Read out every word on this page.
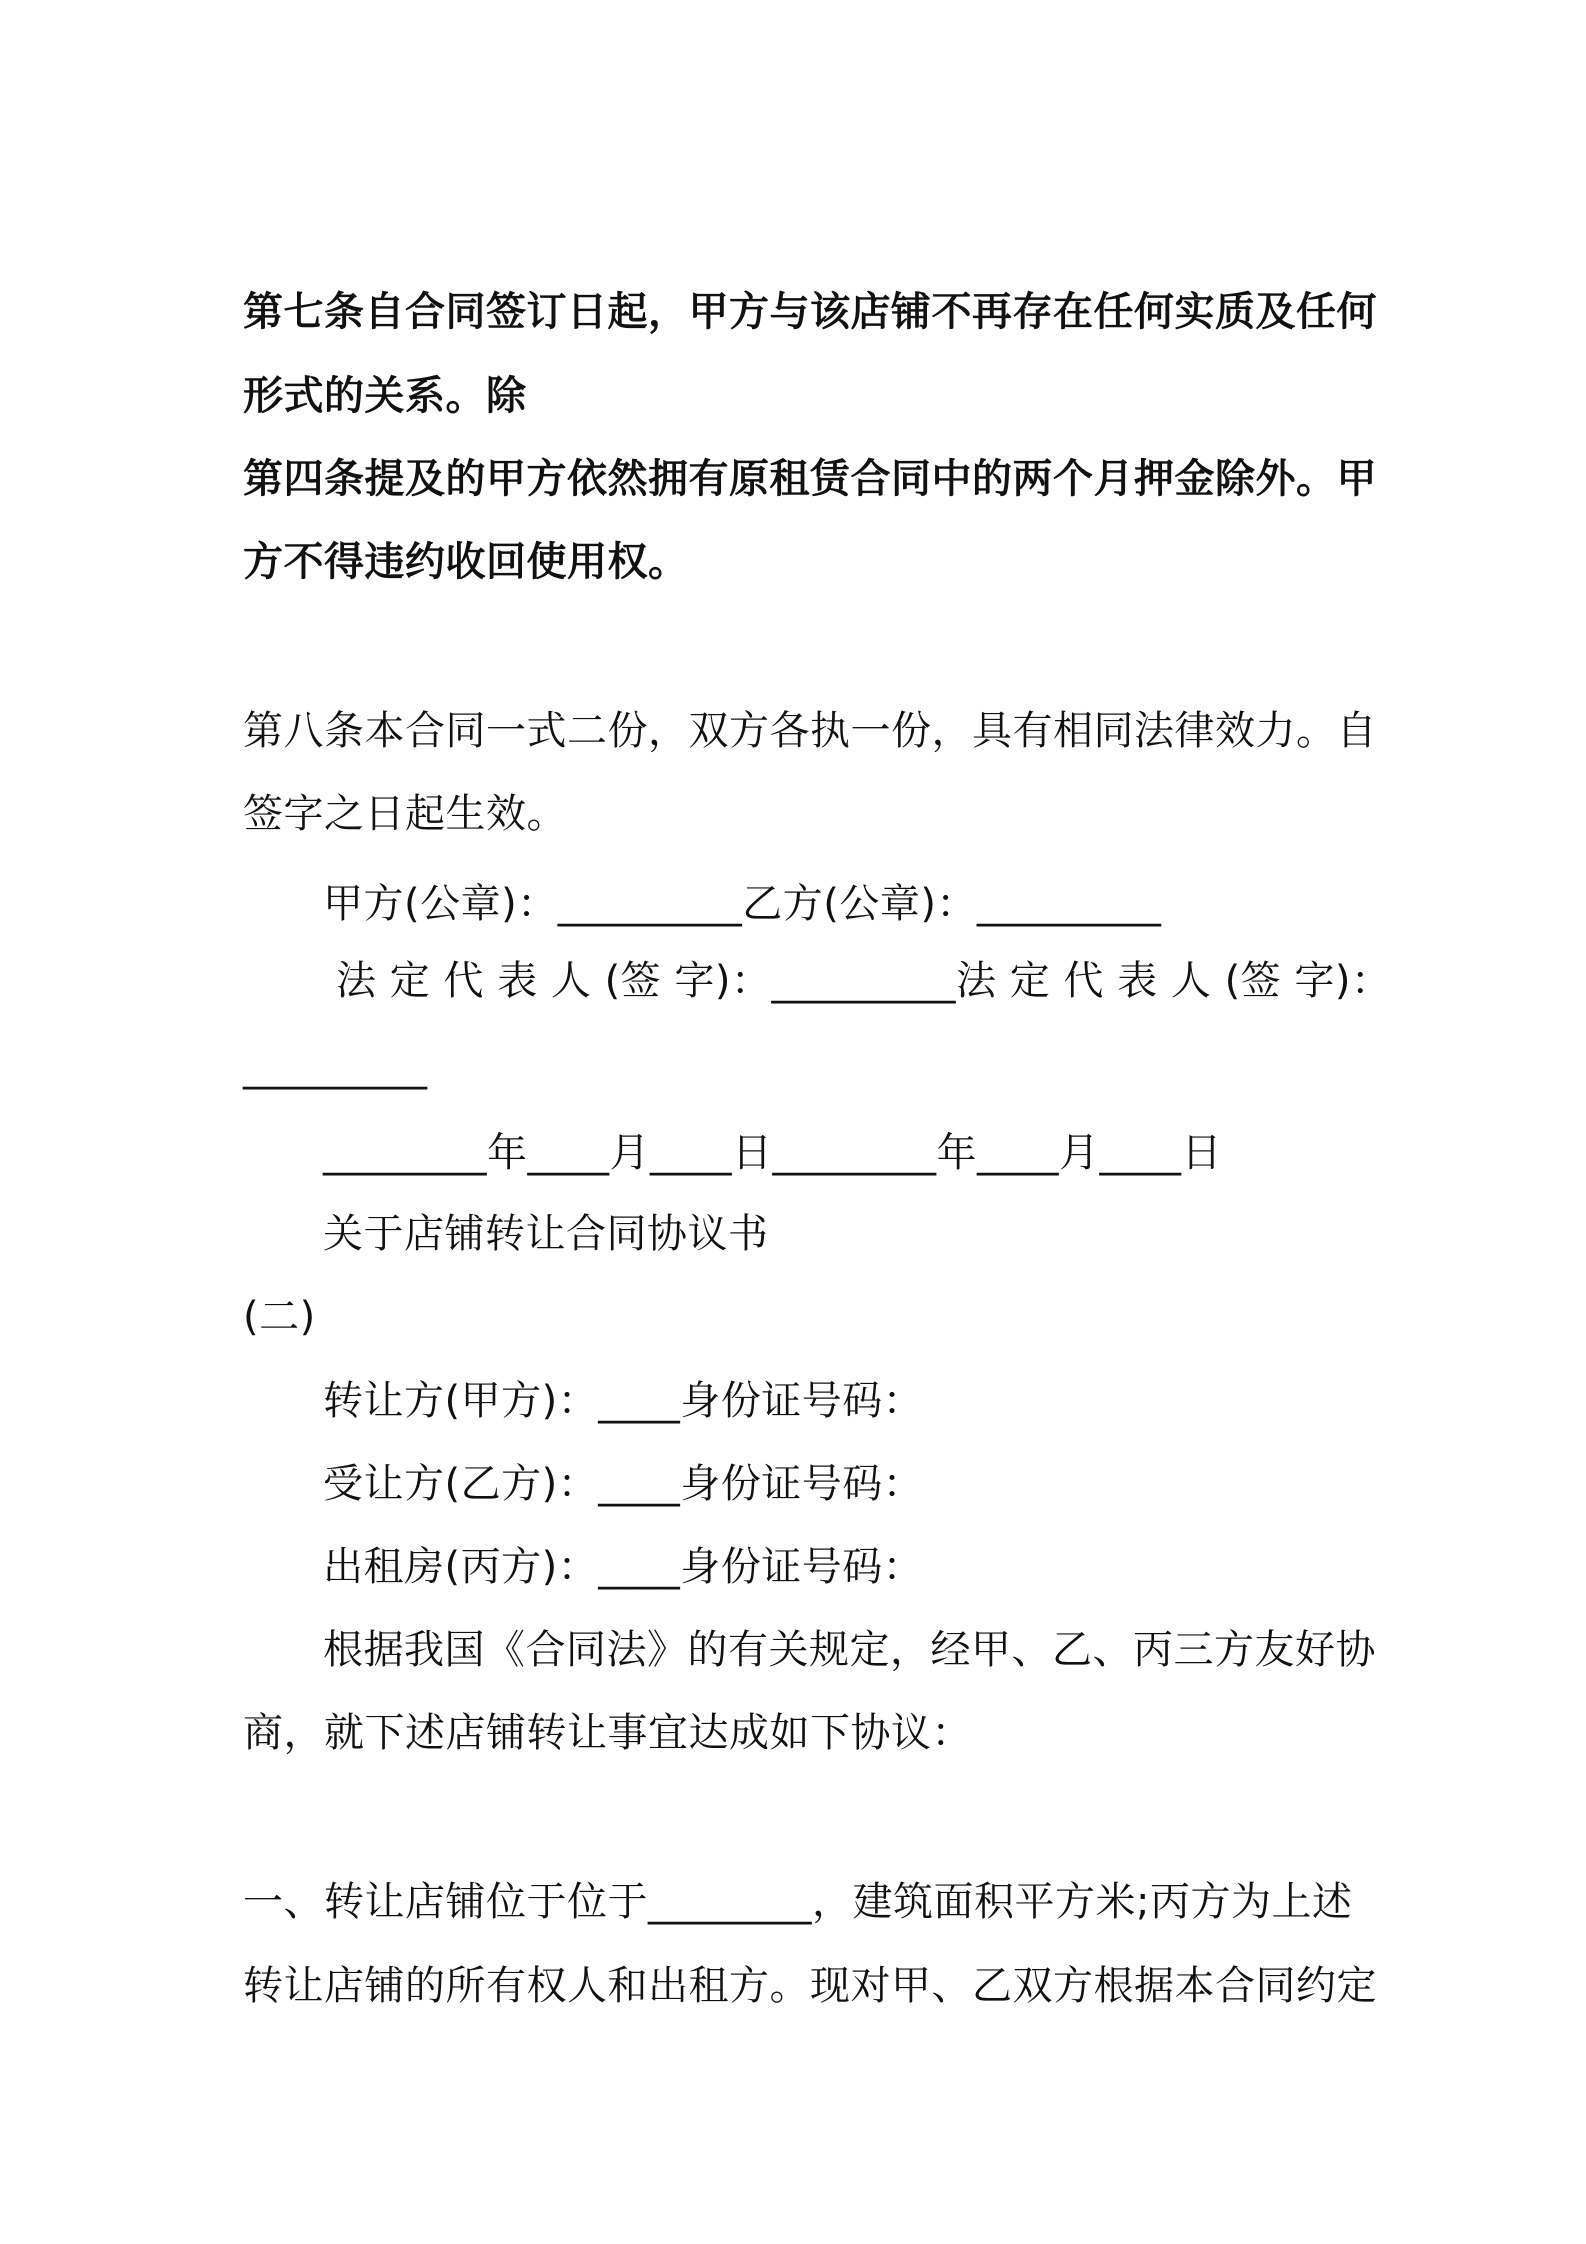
第七条自合同签订日起，甲方与该店铺不再存在任何实质及任何
形式的关系。除
第四条提及的甲方依然拥有原租赁合同中的两个月押金除外。甲
方不得违约收回使用权。
第八条本合同一式二份，双方各执一份，具有相同法律效力。自
签字之日起生效。
甲方(公章)：_________乙方(公章)：_________
法 定 代 表 人 (签 字)：_________法 定 代 表 人 (签 字)：
_________
________年____月____日________年____月____日
关于店铺转让合同协议书
(二)
转让方(甲方)：____身份证号码：
受让方(乙方)：____身份证号码：
出租房(丙方)：____身份证号码：
根据我国《合同法》的有关规定，经甲、乙、丙三方友好协
商，就下述店铺转让事宜达成如下协议：
一、转让店铺位于位于________，建筑面积平方米;丙方为上述
转让店铺的所有权人和出租方。现对甲、乙双方根据本合同约定
